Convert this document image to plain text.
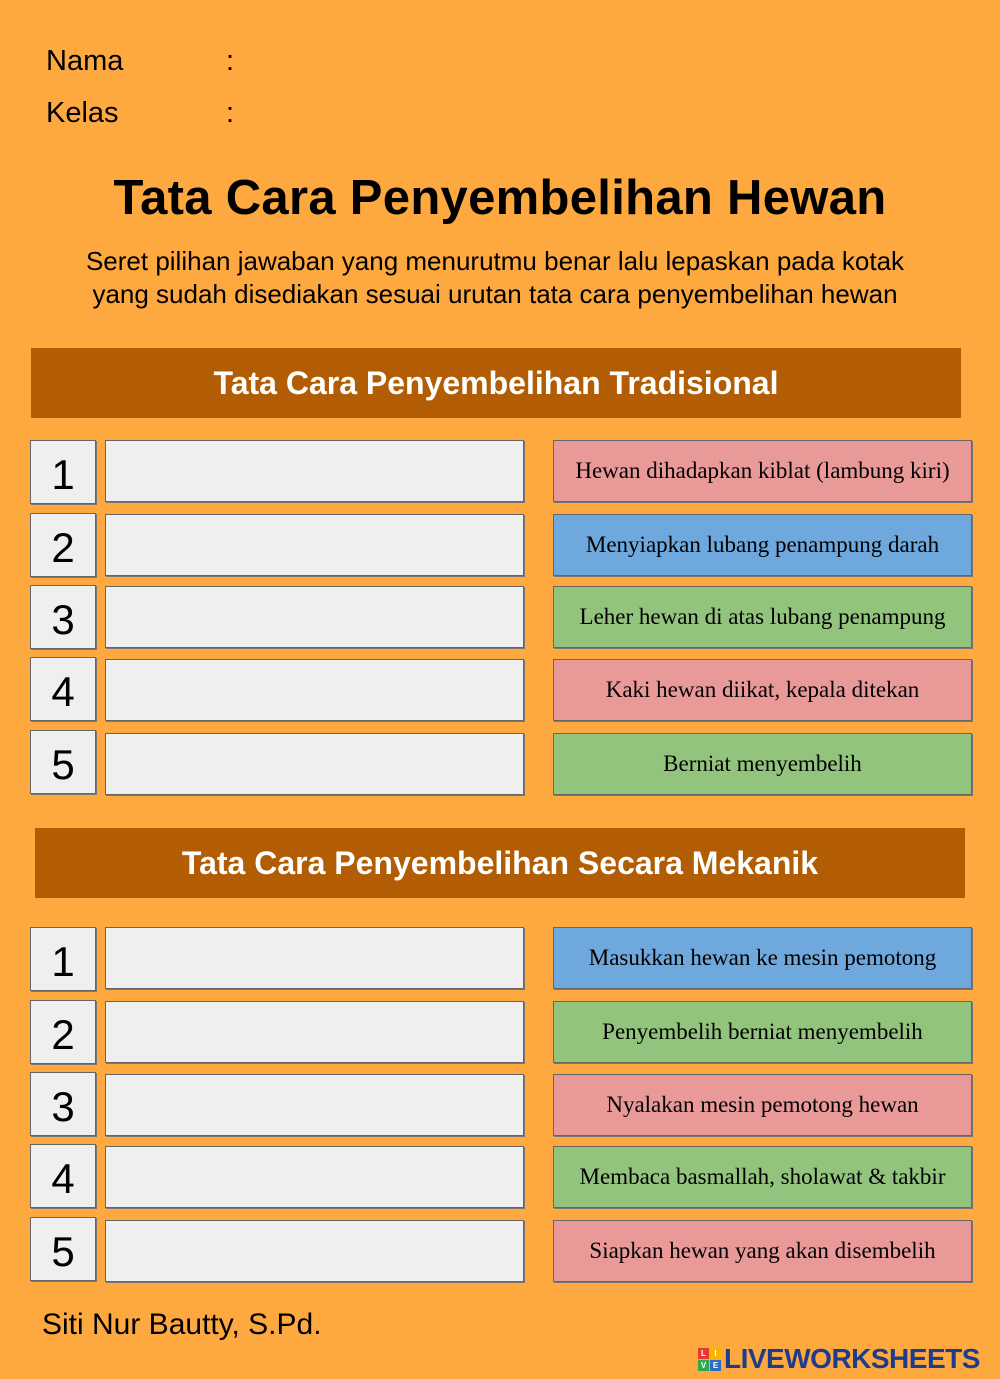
Nama	:
Kelas	:
Tata Cara Penyembelihan Hewan
Seret pilihan jawaban yang menurutmu benar lalu lepaskan pada kotak yang sudah disediakan sesuai urutan tata cara penyembelihan hewan
Tata Cara Penyembelihan Tradisional
1	Hewan dihadapkan kiblat (lambung kiri)
2	Menyiapkan lubang penampung darah
3	Leher hewan di atas lubang penampung
4	Kaki hewan diikat, kepala ditekan
5	Berniat menyembelih
Tata Cara Penyembelihan Secara Mekanik
1	Masukkan hewan ke mesin pemotong
2	Penyembelih berniat menyembelih
3	Nyalakan mesin pemotong hewan
4	Membaca basmallah, sholawat & takbir
5	Siapkan hewan yang akan disembelih
Siti Nur Bautty, S.Pd.
L	I
V E LIVEWORKSHEETS
